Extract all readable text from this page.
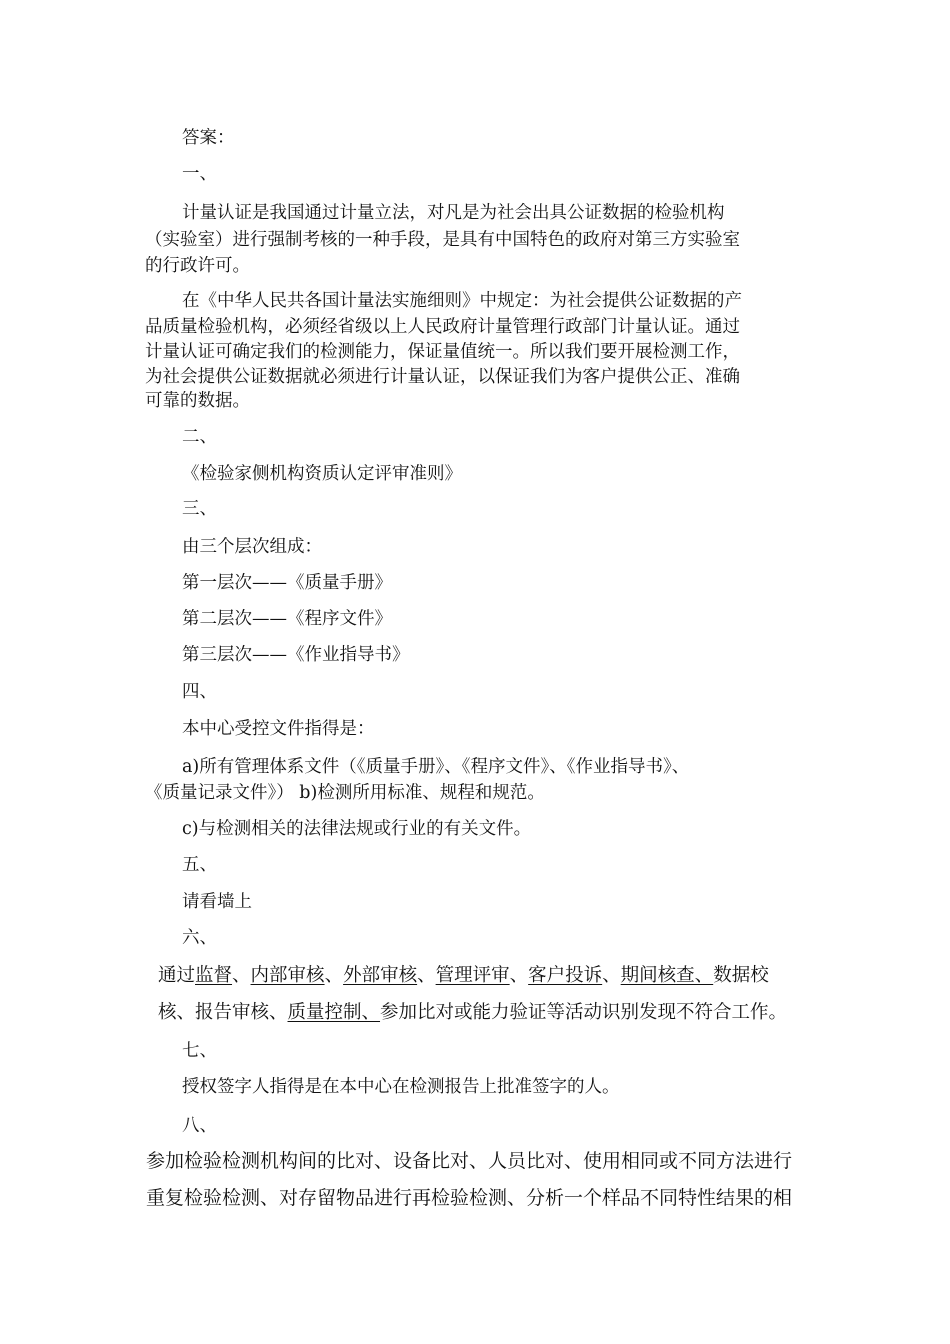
答案：
一、
计量认证是我国通过计量立法，对凡是为社会出具公证数据的检验机构
（实验室）进行强制考核的一种手段，是具有中国特色的政府对第三方实验室
的行政许可。
在《中华人民共各国计量法实施细则》中规定：为社会提供公证数据的产
品质量检验机构，必须经省级以上人民政府计量管理行政部门计量认证。通过
计量认证可确定我们的检测能力，保证量值统一。所以我们要开展检测工作，
为社会提供公证数据就必须进行计量认证，以保证我们为客户提供公正、准确
可靠的数据。
二、
《检验家侧机构资质认定评审准则》
三、
由三个层次组成：
第一层次——《质量手册》
第二层次——《程序文件》
第三层次——《作业指导书》
四、
本中心受控文件指得是：
a)所有管理体系文件（《质量手册》、《程序文件》、《作业指导书》、
《质量记录文件》） b)检测所用标准、规程和规范。
c)与检测相关的法律法规或行业的有关文件。
五、
请看墙上
六、
通过监督、内部审核、外部审核、管理评审、客户投诉、期间核查、数据校
核、报告审核、质量控制、参加比对或能力验证等活动识别发现不符合工作。
七、
授权签字人指得是在本中心在检测报告上批准签字的人。
八、
参加检验检测机构间的比对、设备比对、人员比对、使用相同或不同方法进行
重复检验检测、对存留物品进行再检验检测、分析一个样品不同特性结果的相
